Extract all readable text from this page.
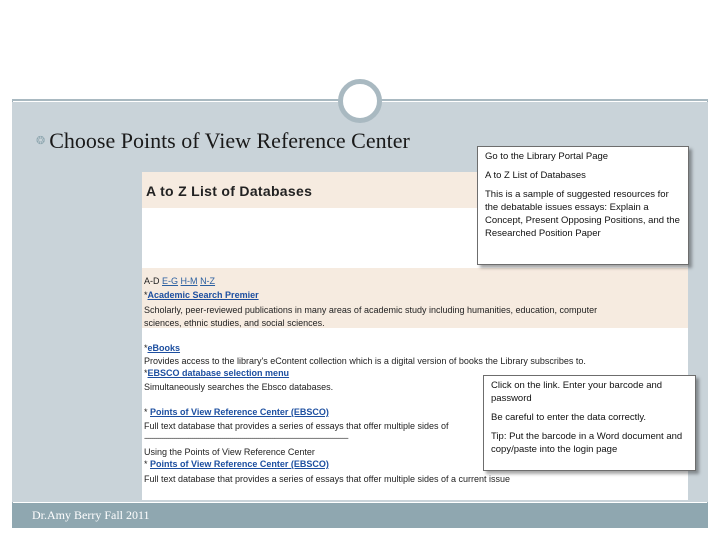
❂ Choose Points of View Reference Center
A to Z List of Databases
A-D E-G H-M N-Z
*Academic Search Premier
Scholarly, peer-reviewed publications in many areas of academic study including humanities, education, computer
sciences, ethnic studies, and social sciences.
*eBooks
Provides access to the library's eContent collection which is a digital version of books the Library subscribes to.
*EBSCO database selection menu
Simultaneously searches the Ebsco databases.
* Points of View Reference Center (EBSCO)
Full text database that provides a series of essays that offer multiple sides of
------------------------------------------------------------------------------------------------------
Using the Points of View Reference Center
* Points of View Reference Center (EBSCO)
Full text database that provides a series of essays that offer multiple sides of a current issue

Go to the Library Portal Page

A to Z List of Databases

This is a sample of suggested resources for the debatable issues essays: Explain a Concept, Present Opposing Positions, and the Researched Position Paper

Click on the link. Enter your barcode and password

Be careful to enter the data correctly.

Tip: Put the barcode in a Word document and copy/paste into the login page

Dr.Amy Berry Fall 2011
